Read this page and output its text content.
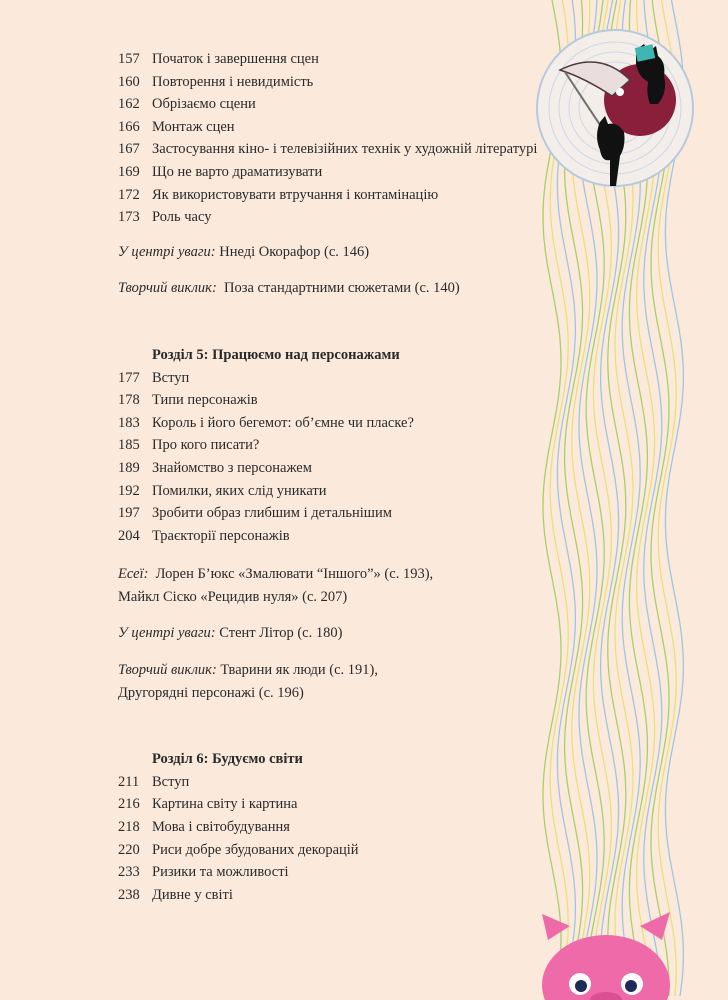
157 Початок і завершення сцен
160 Повторення і невидимість
162 Обрізаємо сцени
166 Монтаж сцен
167 Застосування кіно- і телевізійних технік у художній літературі
169 Що не варто драматизувати
172 Як використовувати втручання і контамінацію
173 Роль часу
У центрі уваги: Ннеді Окорафор (с. 146)
Творчий виклик:  Поза стандартними сюжетами (с. 140)
Розділ 5: Працюємо над персонажами
177 Вступ
178 Типи персонажів
183 Король і його бегемот: об’ємне чи пласке?
185 Про кого писати?
189 Знайомство з персонажем
192 Помилки, яких слід уникати
197 Зробити образ глибшим і детальнішим
204 Траєкторії персонажів
Есеї:  Лорен Б’юкс «Змалювати “Іншого”» (с. 193),
Майкл Сіско «Рецидив нуля» (с. 207)
У центрі уваги: Стент Літор (с. 180)
Творчий виклик: Тварини як люди (с. 191),
Другорядні персонажі (с. 196)
Розділ 6: Будуємо світи
211 Вступ
216 Картина світу і картина
218 Мова і світобудування
220 Риси добре збудованих декорацій
233 Ризики та можливості
238 Дивне у світі
